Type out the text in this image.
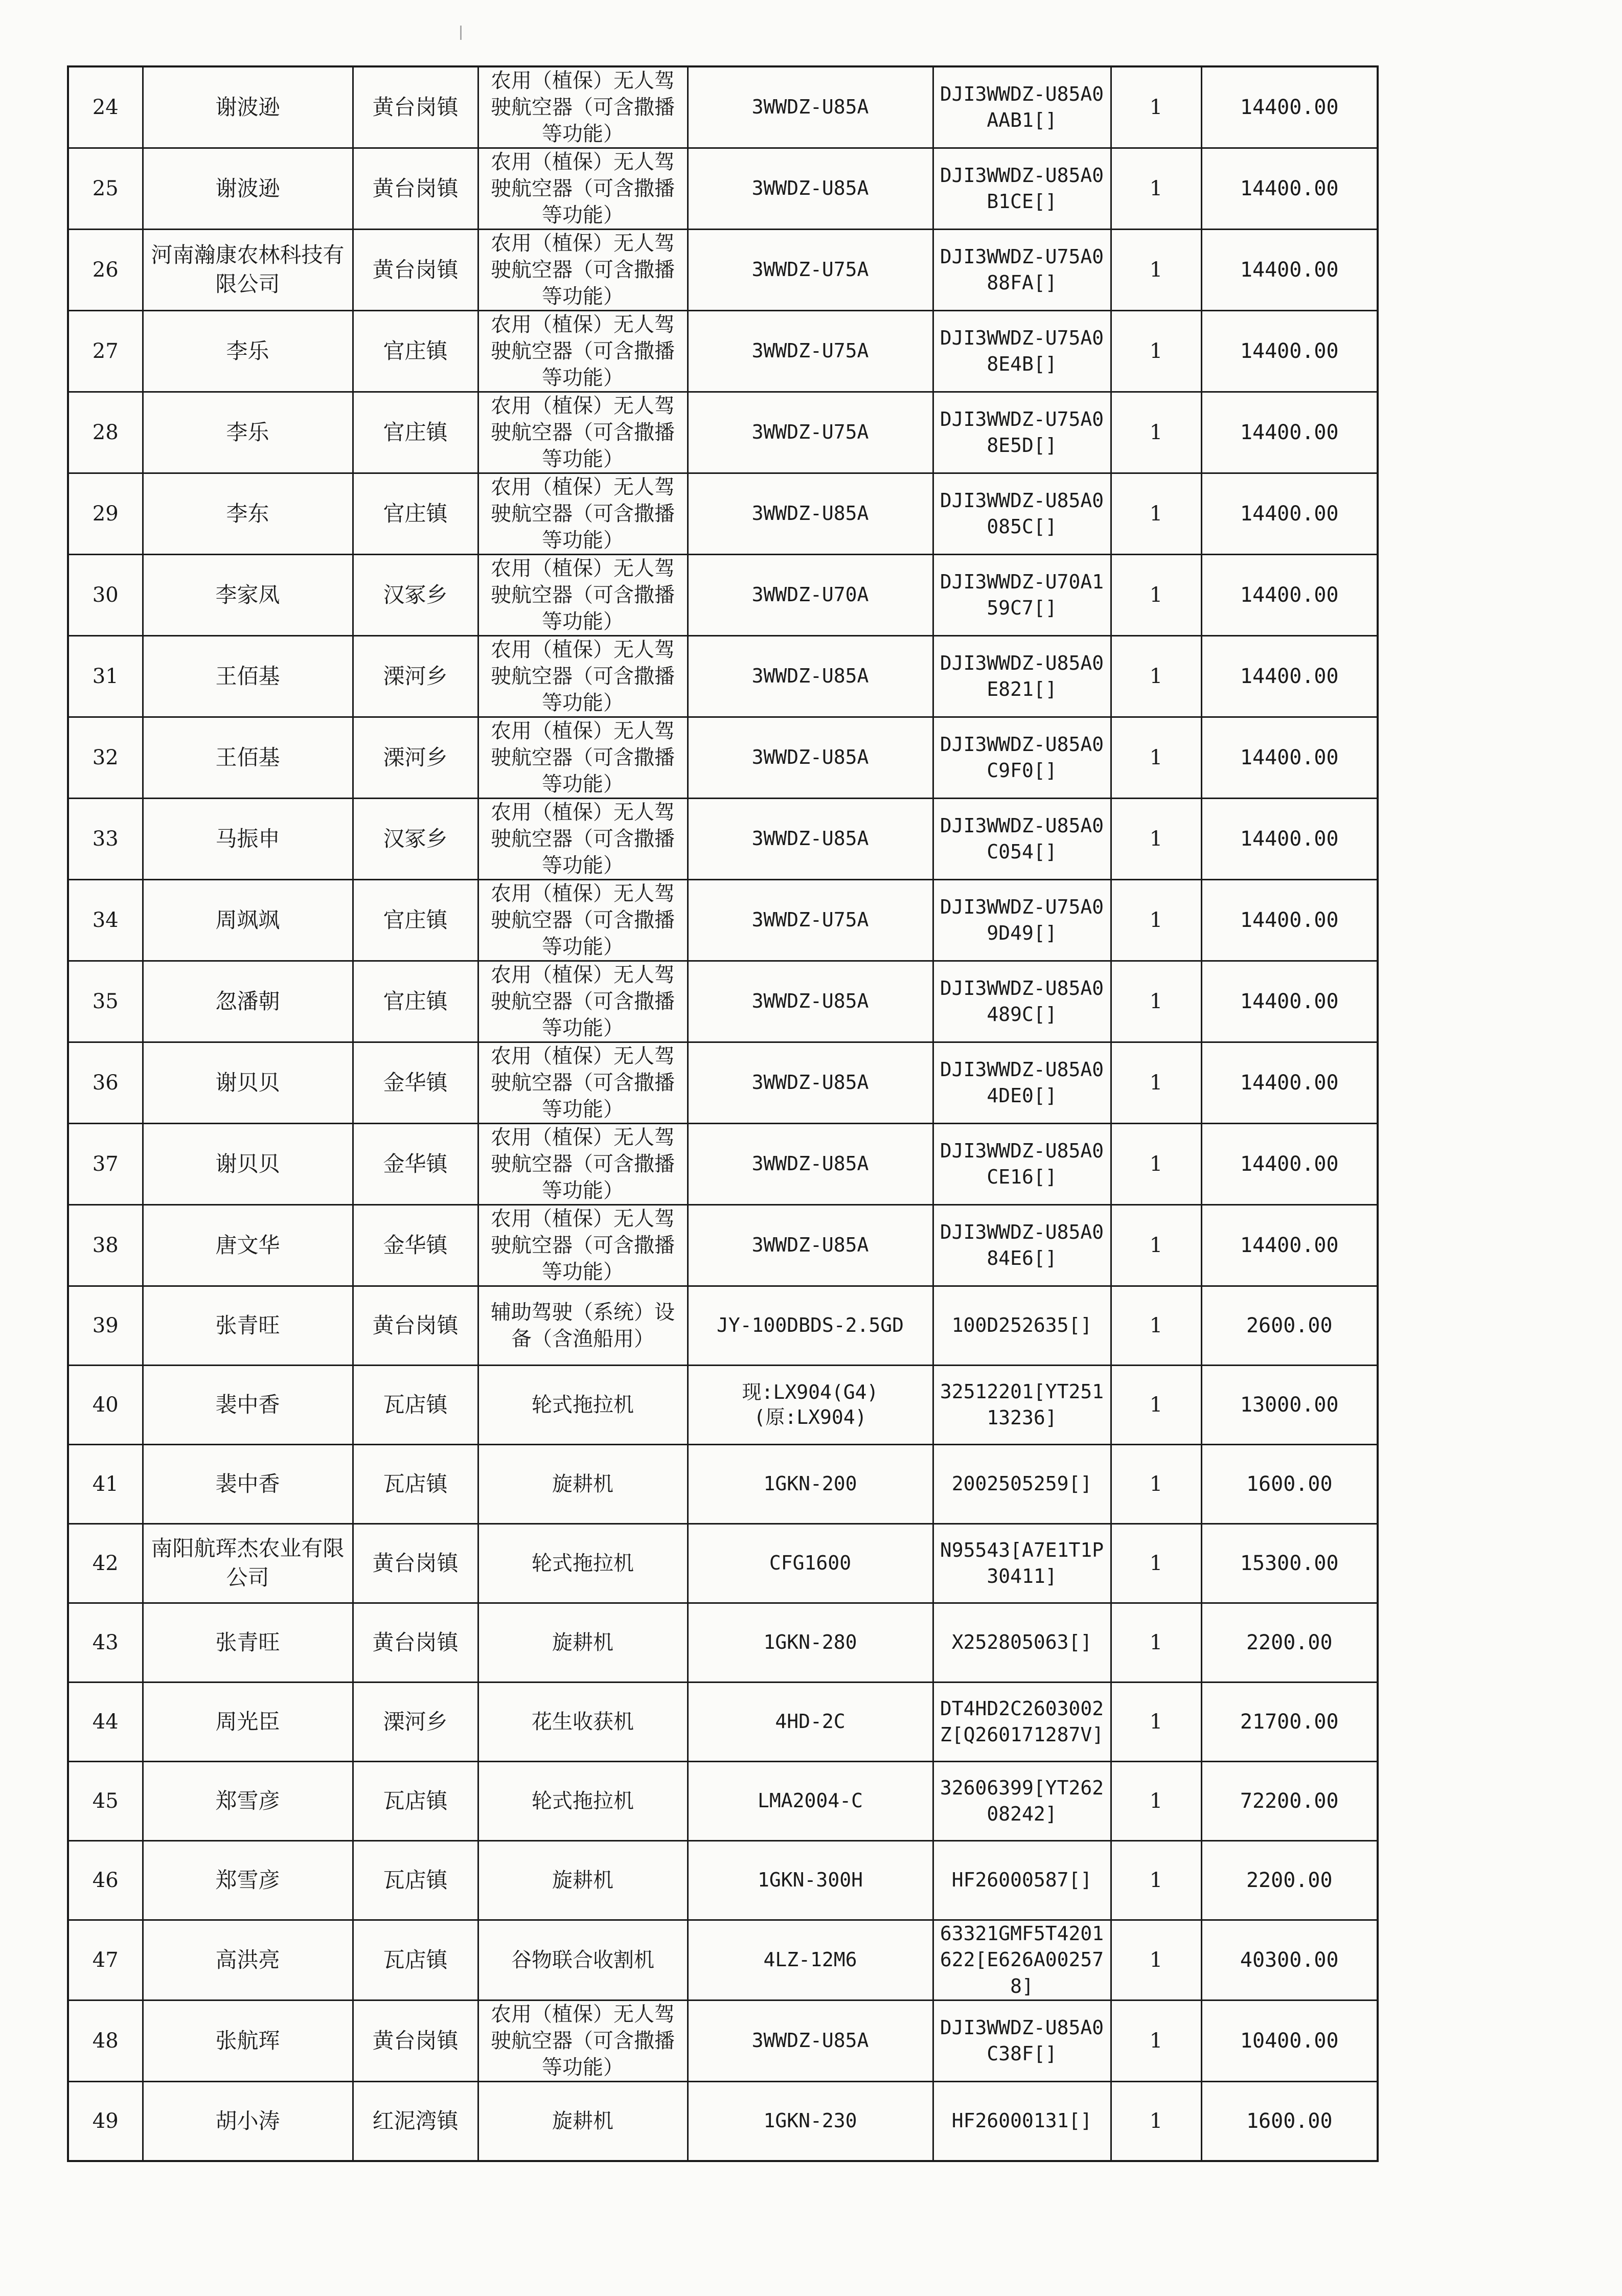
24	谢波逊	黄台岗镇	农用（植保）无人驾驶航空器（可含撒播等功能）	3WWDZ-U85A	DJI3WWDZ-U85A0AAB1[]	1	14400.00
25	谢波逊	黄台岗镇	农用（植保）无人驾驶航空器（可含撒播等功能）	3WWDZ-U85A	DJI3WWDZ-U85A0B1CE[]	1	14400.00
26	河南瀚康农林科技有限公司	黄台岗镇	农用（植保）无人驾驶航空器（可含撒播等功能）	3WWDZ-U75A	DJI3WWDZ-U75A088FA[]	1	14400.00
27	李乐	官庄镇	农用（植保）无人驾驶航空器（可含撒播等功能）	3WWDZ-U75A	DJI3WWDZ-U75A08E4B[]	1	14400.00
28	李乐	官庄镇	农用（植保）无人驾驶航空器（可含撒播等功能）	3WWDZ-U75A	DJI3WWDZ-U75A08E5D[]	1	14400.00
29	李东	官庄镇	农用（植保）无人驾驶航空器（可含撒播等功能）	3WWDZ-U85A	DJI3WWDZ-U85A0085C[]	1	14400.00
30	李家凤	汉冢乡	农用（植保）无人驾驶航空器（可含撒播等功能）	3WWDZ-U70A	DJI3WWDZ-U70A159C7[]	1	14400.00
31	王佰基	溧河乡	农用（植保）无人驾驶航空器（可含撒播等功能）	3WWDZ-U85A	DJI3WWDZ-U85A0E821[]	1	14400.00
32	王佰基	溧河乡	农用（植保）无人驾驶航空器（可含撒播等功能）	3WWDZ-U85A	DJI3WWDZ-U85A0C9F0[]	1	14400.00
33	马振申	汉冢乡	农用（植保）无人驾驶航空器（可含撒播等功能）	3WWDZ-U85A	DJI3WWDZ-U85A0C054[]	1	14400.00
34	周飒飒	官庄镇	农用（植保）无人驾驶航空器（可含撒播等功能）	3WWDZ-U75A	DJI3WWDZ-U75A09D49[]	1	14400.00
35	忽潘朝	官庄镇	农用（植保）无人驾驶航空器（可含撒播等功能）	3WWDZ-U85A	DJI3WWDZ-U85A0489C[]	1	14400.00
36	谢贝贝	金华镇	农用（植保）无人驾驶航空器（可含撒播等功能）	3WWDZ-U85A	DJI3WWDZ-U85A04DE0[]	1	14400.00
37	谢贝贝	金华镇	农用（植保）无人驾驶航空器（可含撒播等功能）	3WWDZ-U85A	DJI3WWDZ-U85A0CE16[]	1	14400.00
38	唐文华	金华镇	农用（植保）无人驾驶航空器（可含撒播等功能）	3WWDZ-U85A	DJI3WWDZ-U85A084E6[]	1	14400.00
39	张青旺	黄台岗镇	辅助驾驶（系统）设备（含渔船用）	JY-100DBDS-2.5GD	100D252635[]	1	2600.00
40	裴中香	瓦店镇	轮式拖拉机	现:LX904(G4)(原:LX904)	32512201[YT25113236]	1	13000.00
41	裴中香	瓦店镇	旋耕机	1GKN-200	2002505259[]	1	1600.00
42	南阳航珲杰农业有限公司	黄台岗镇	轮式拖拉机	CFG1600	N95543[A7E1T1P30411]	1	15300.00
43	张青旺	黄台岗镇	旋耕机	1GKN-280	X252805063[]	1	2200.00
44	周光臣	溧河乡	花生收获机	4HD-2C	DT4HD2C2603002Z[Q260171287V]	1	21700.00
45	郑雪彦	瓦店镇	轮式拖拉机	LMA2004-C	32606399[YT26208242]	1	72200.00
46	郑雪彦	瓦店镇	旋耕机	1GKN-300H	HF26000587[]	1	2200.00
47	高洪亮	瓦店镇	谷物联合收割机	4LZ-12M6	63321GMF5T4201622[E626A002578]	1	40300.00
48	张航珲	黄台岗镇	农用（植保）无人驾驶航空器（可含撒播等功能）	3WWDZ-U85A	DJI3WWDZ-U85A0C38F[]	1	10400.00
49	胡小涛	红泥湾镇	旋耕机	1GKN-230	HF26000131[]	1	1600.00
